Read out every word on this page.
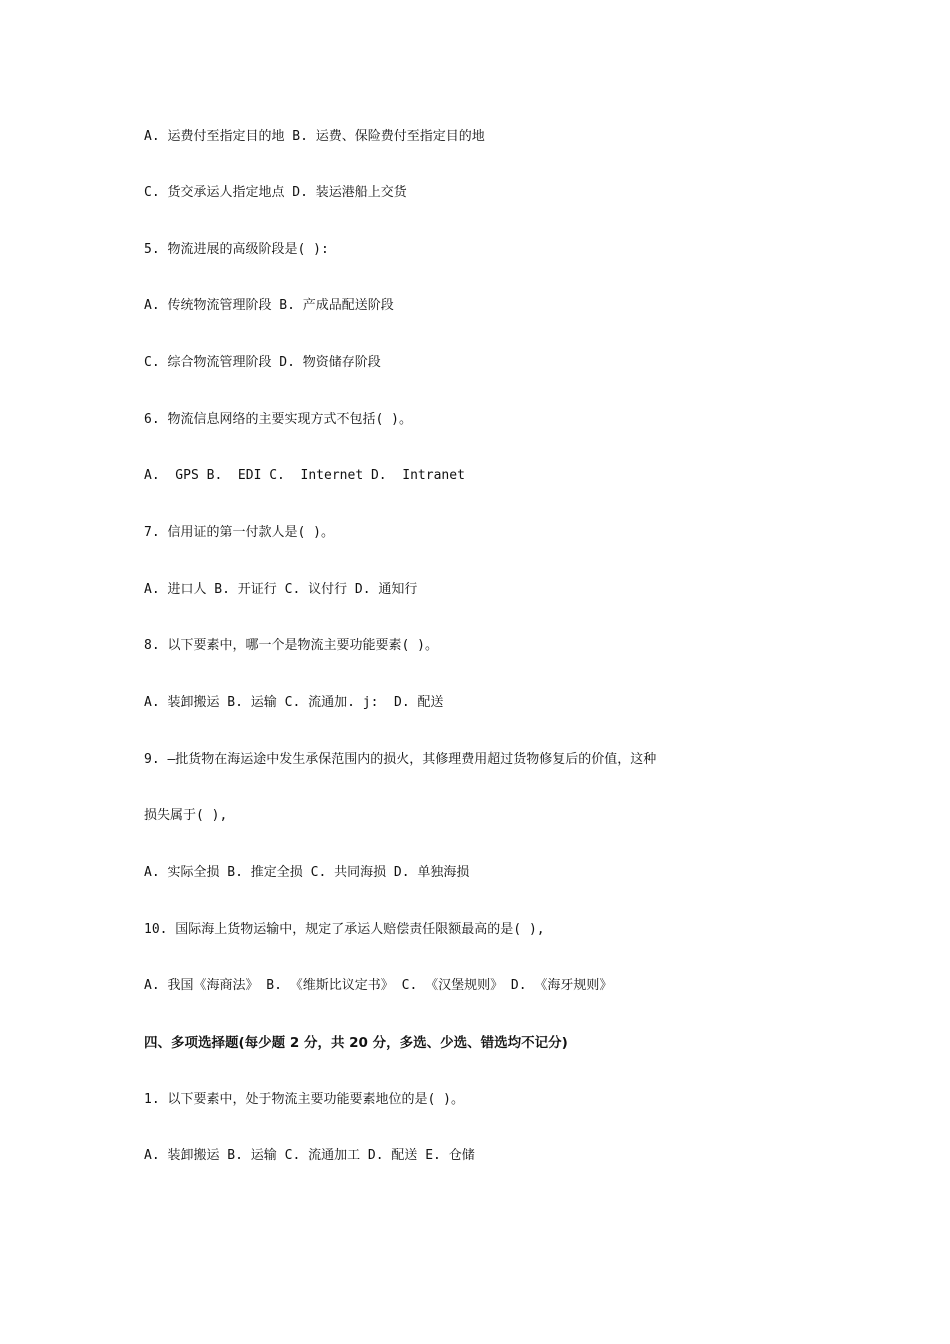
A. 运费付至指定目的地 B. 运费、保险费付至指定目的地
C. 货交承运人指定地点 D. 装运港船上交货
5. 物流进展的高级阶段是( ):
A. 传统物流管理阶段 B. 产成品配送阶段
C. 综合物流管理阶段 D. 物资储存阶段
6. 物流信息网络的主要实现方式不包括( )。
A.  GPS B.  EDI C.  Internet D.  Intranet
7. 信用证的第一付款人是( )。
A. 进口人 B. 开证行 C. 议付行 D. 通知行
8. 以下要素中，哪一个是物流主要功能要素( )。
A. 装卸搬运 B. 运输 C. 流通加. j:  D. 配送
9. —批货物在海运途中发生承保范围内的损火，其修理费用超过货物修复后的价值，这种
损失属于( ),
A. 实际全损 B. 推定全损 C. 共同海损 D. 单独海损
10. 国际海上货物运输中，规定了承运人赔偿责任限额最高的是( ),
A. 我国《海商法》 B. 《维斯比议定书》 C. 《汉堡规则》 D. 《海牙规则》
四、多项选择题(每少题 2 分，共 20 分，多选、少选、错选均不记分)
1. 以下要素中，处于物流主要功能要素地位的是( )。
A. 装卸搬运 B. 运输 C. 流通加工 D. 配送 E. 仓储
